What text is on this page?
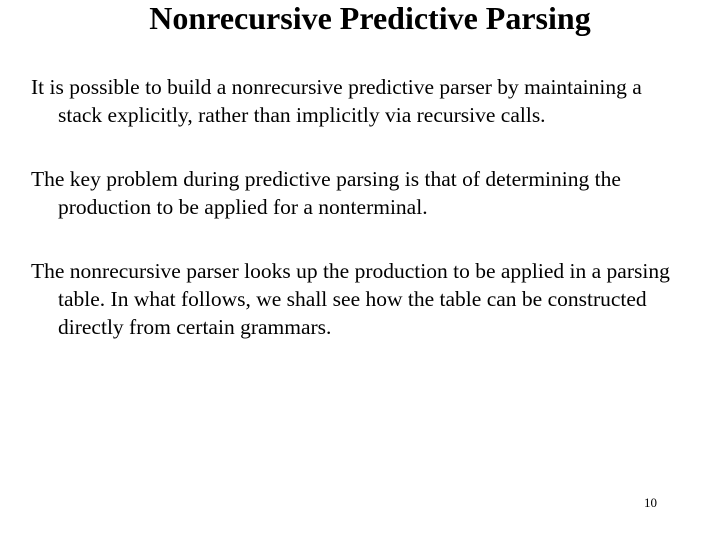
Nonrecursive Predictive Parsing

It is possible to build a nonrecursive predictive parser by maintaining a stack explicitly, rather than implicitly via recursive calls.

The key problem during predictive parsing is that of determining the production to be applied for a nonterminal.

The nonrecursive parser looks up the production to be applied in a parsing table. In what follows, we shall see how the table can be constructed directly from certain grammars.

10
